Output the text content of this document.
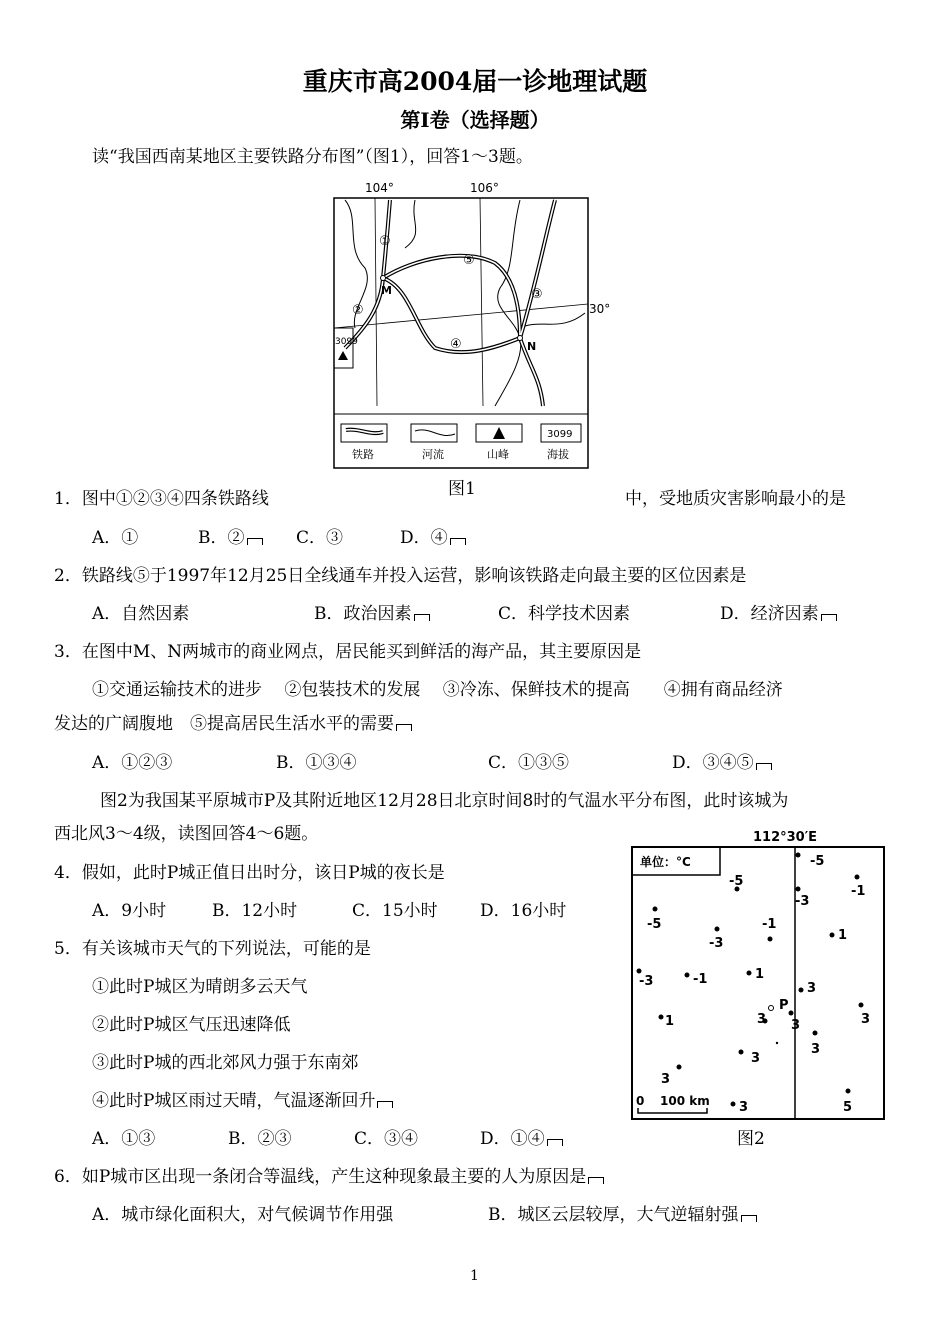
重庆市高2004届一诊地理试题
第Ⅰ卷（选择题）
读“我国西南某地区主要铁路分布图”（图1），回答1～3题。
104°	106°
30°
①
②
③
④
⑤
M
N
3099
3099
铁路	河流	山峰	海拔
图1
1．图中①②③④四条铁路线	中，受地质灾害影响最小的是
A．①	B．②	C．③	D．④
2．铁路线⑤于1997年12月25日全线通车并投入运营，影响该铁路走向最主要的区位因素是
A．自然因素	B．政治因素	C．科学技术因素	D．经济因素
3．在图中M、N两城市的商业网点，居民能买到鲜活的海产品，其主要原因是
①交通运输技术的进步　 ②包装技术的发展　 ③冷冻、保鲜技术的提高　　④拥有商品经济
发达的广阔腹地　⑤提高居民生活水平的需要
A．①②③	B．①③④	C．①③⑤	D．③④⑤
图2为我国某平原城市P及其附近地区12月28日北京时间8时的气温水平分布图，此时该城为
西北风3～4级，读图回答4～6题。	112°30′E
单位：°C	-5
-5
-1
-3
-5
-3
-1
1
-3	-1	1
3
P
3 3	3
1
3
3
3
3	5
0 100 km
图2
4．假如，此时P城正值日出时分，该日P城的夜长是
A．9小时	B．12小时	C．15小时 D．16小时
5．有关该城市天气的下列说法，可能的是
①此时P城区为晴朗多云天气
②此时P城区气压迅速降低
③此时P城的西北郊风力强于东南郊
④此时P城区雨过天晴，气温逐渐回升
A．①③	B．②③	C．③④	D．①④
6．如P城市区出现一条闭合等温线，产生这种现象最主要的人为原因是
A．城市绿化面积大，对气候调节作用强	B．城区云层较厚，大气逆辐射强
1
